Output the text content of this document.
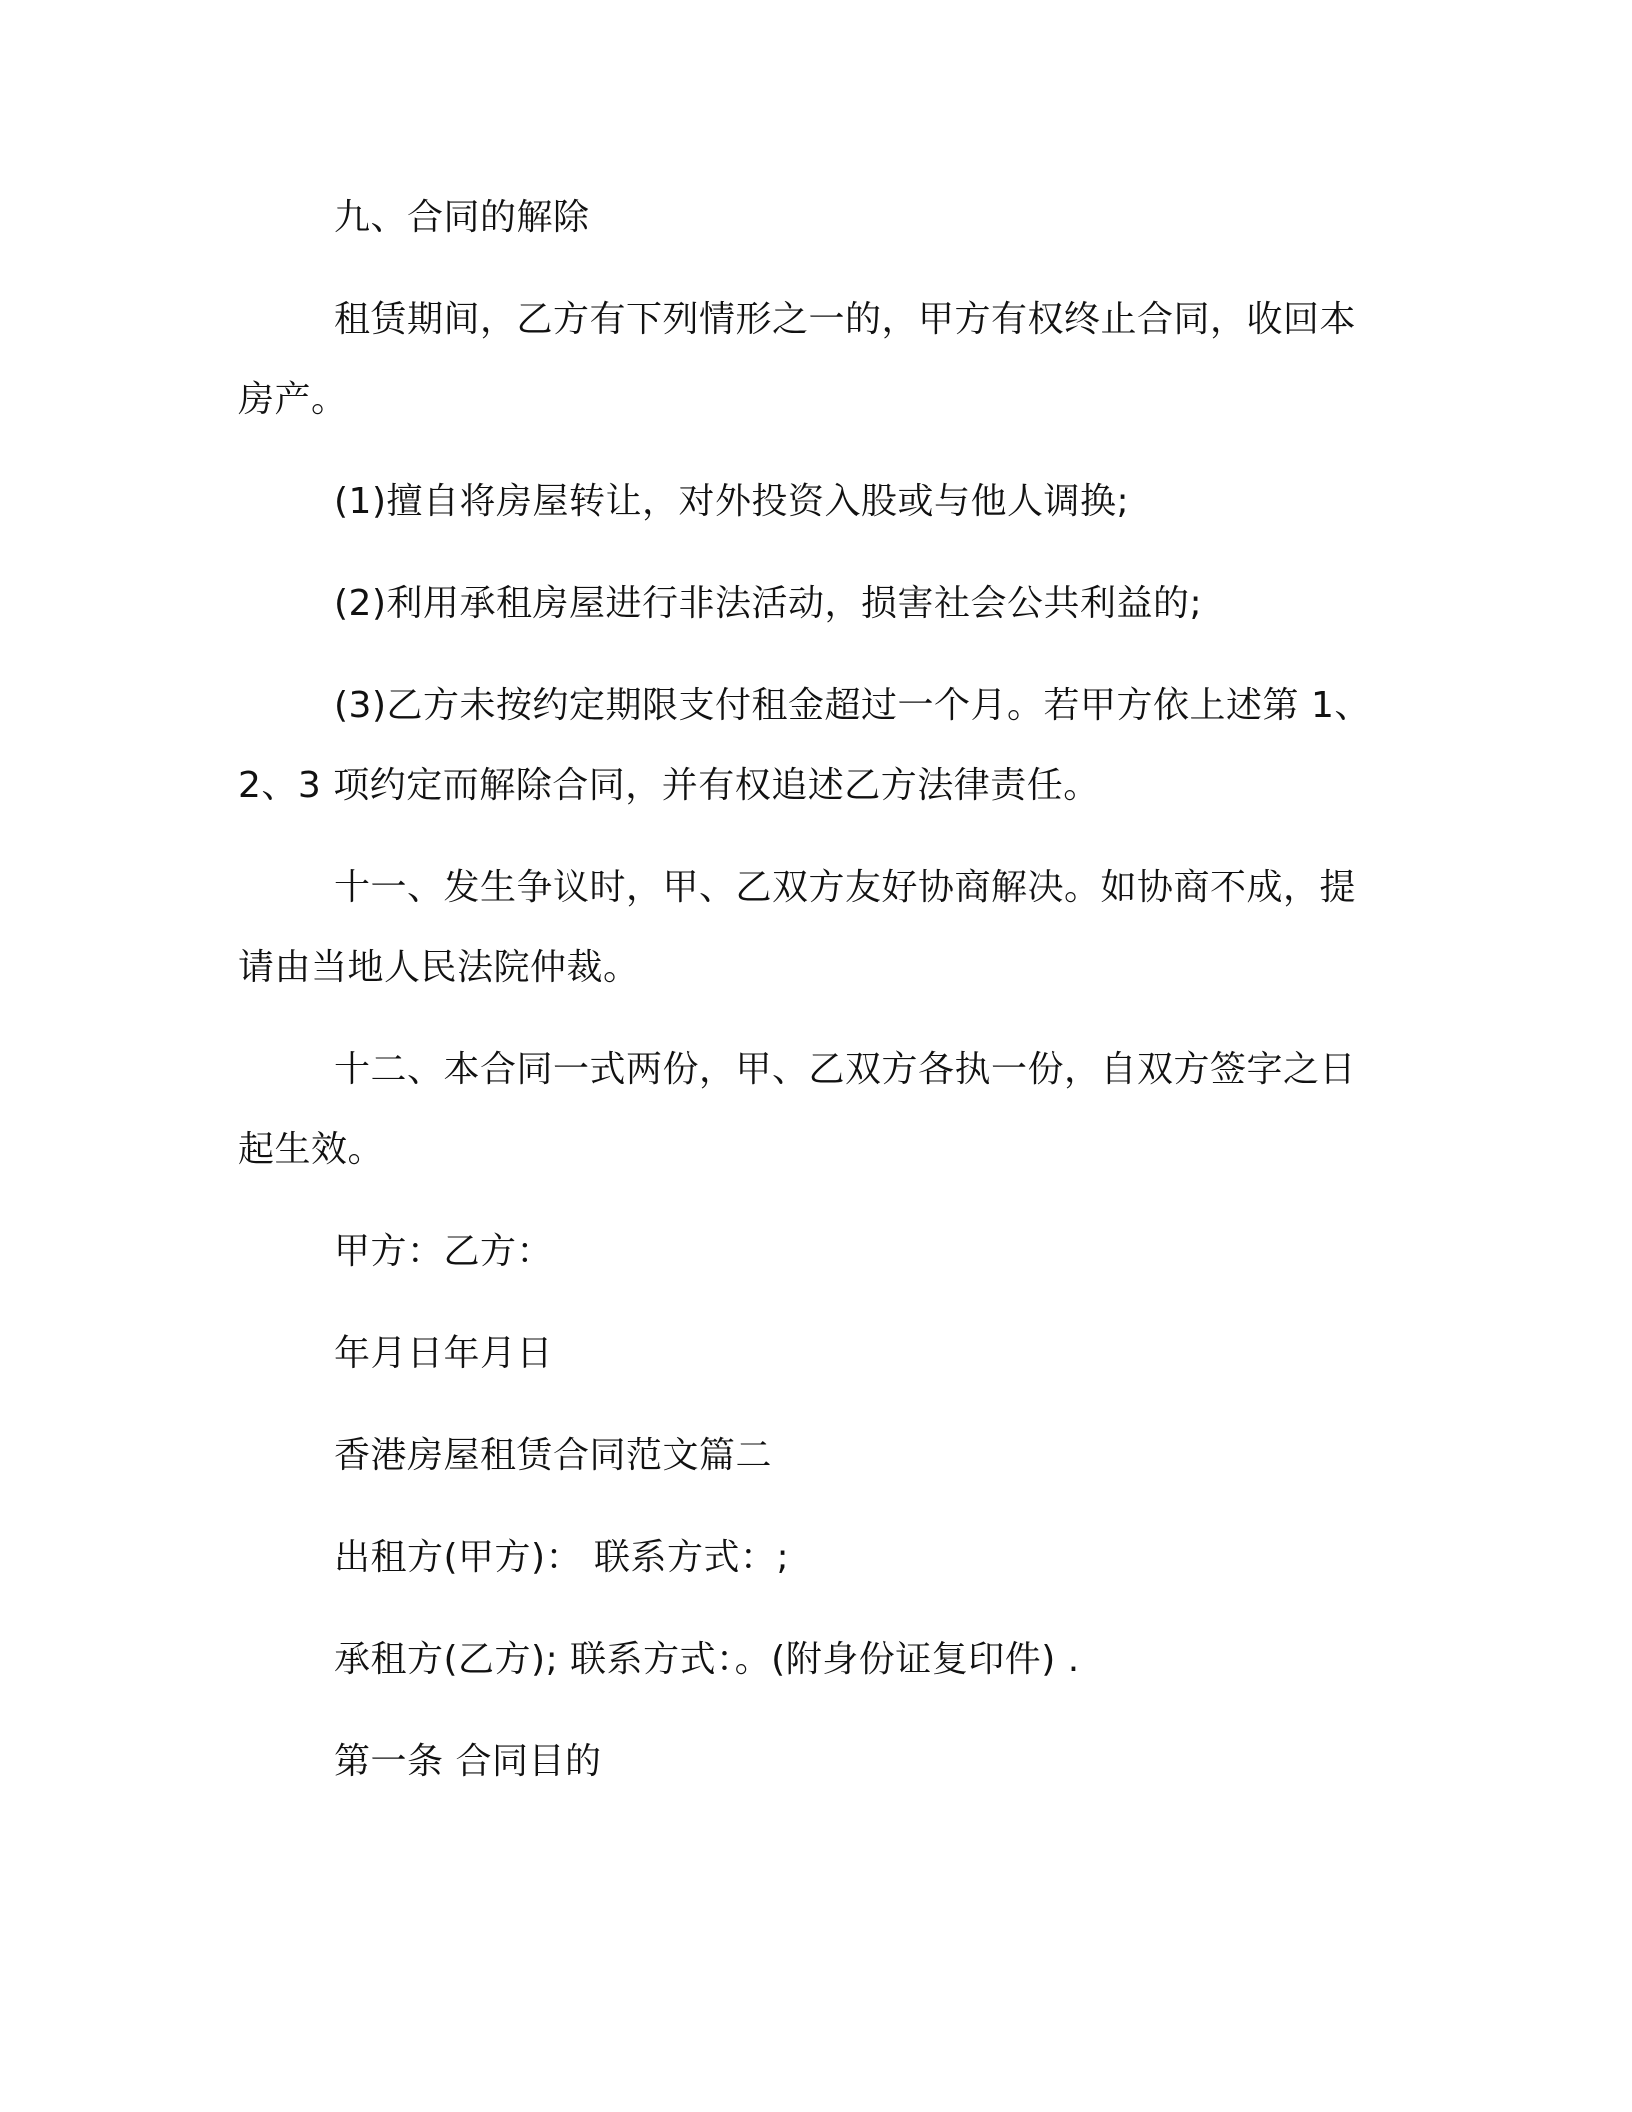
九、合同的解除
租赁期间，乙方有下列情形之一的，甲方有权终止合同，收回本
房产。
(1)擅自将房屋转让，对外投资入股或与他人调换;
(2)利用承租房屋进行非法活动，损害社会公共利益的;
(3)乙方未按约定期限支付租金超过一个月。若甲方依上述第 1、
2、3 项约定而解除合同，并有权追述乙方法律责任。
十一、发生争议时，甲、乙双方友好协商解决。如协商不成，提
请由当地人民法院仲裁。
十二、本合同一式两份，甲、乙双方各执一份，自双方签字之日
起生效。
甲方：乙方：
年月日年月日
香港房屋租赁合同范文篇二
出租方(甲方)： 联系方式：;
承租方(乙方); 联系方式：。(附身份证复印件) .
第一条 合同目的
